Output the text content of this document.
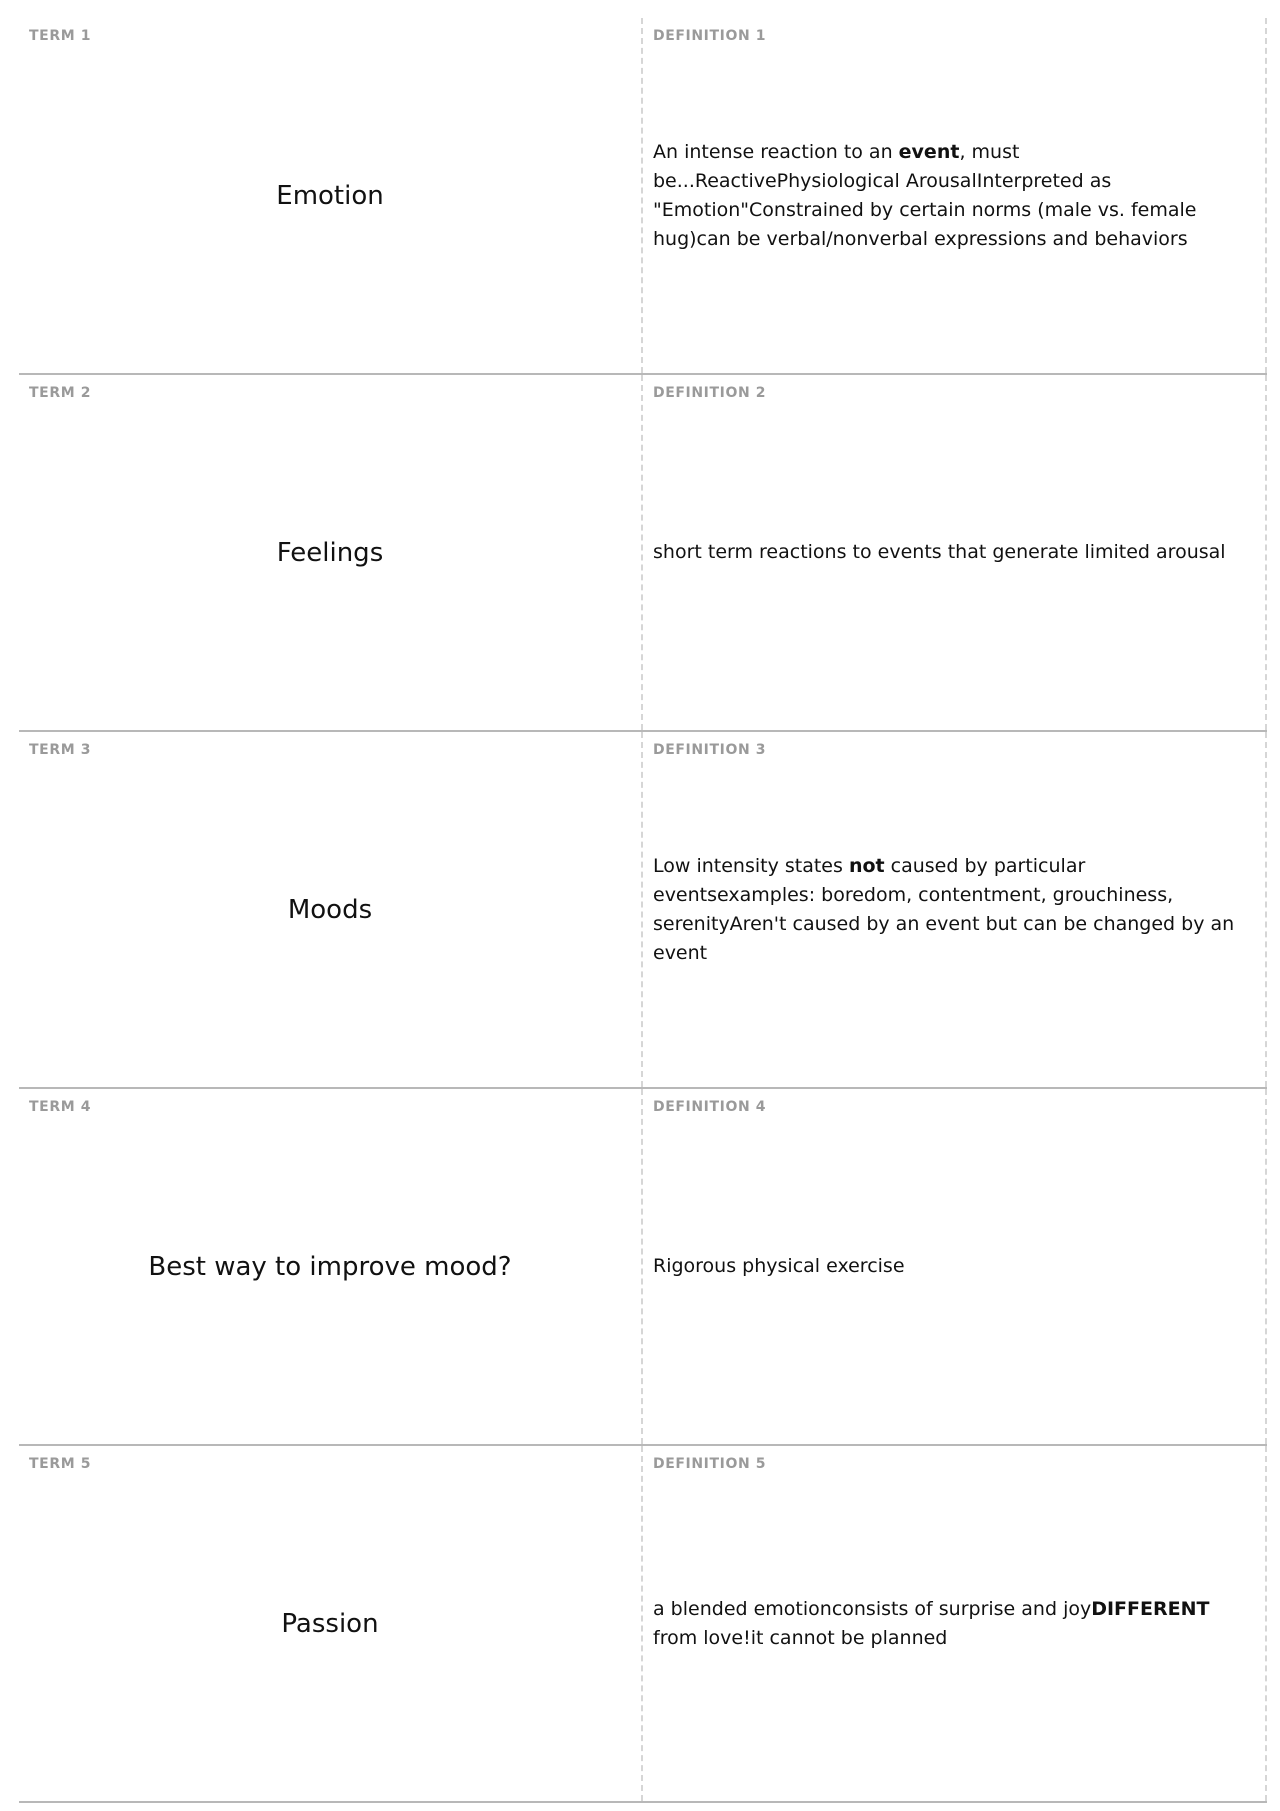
TERM 1
Emotion
DEFINITION 1
An intense reaction to an event, must be...ReactivePhysiological ArousalInterpreted as "Emotion"Constrained by certain norms (male vs. female hug)can be verbal/nonverbal expressions and behaviors
TERM 2
Feelings
DEFINITION 2
short term reactions to events that generate limited arousal
TERM 3
Moods
DEFINITION 3
Low intensity states not caused by particular eventsexamples: boredom, contentment, grouchiness, serenityAren't caused by an event but can be changed by an event
TERM 4
Best way to improve mood?
DEFINITION 4
Rigorous physical exercise
TERM 5
Passion
DEFINITION 5
a blended emotionconsists of surprise and joyDIFFERENT from love!it cannot be planned
